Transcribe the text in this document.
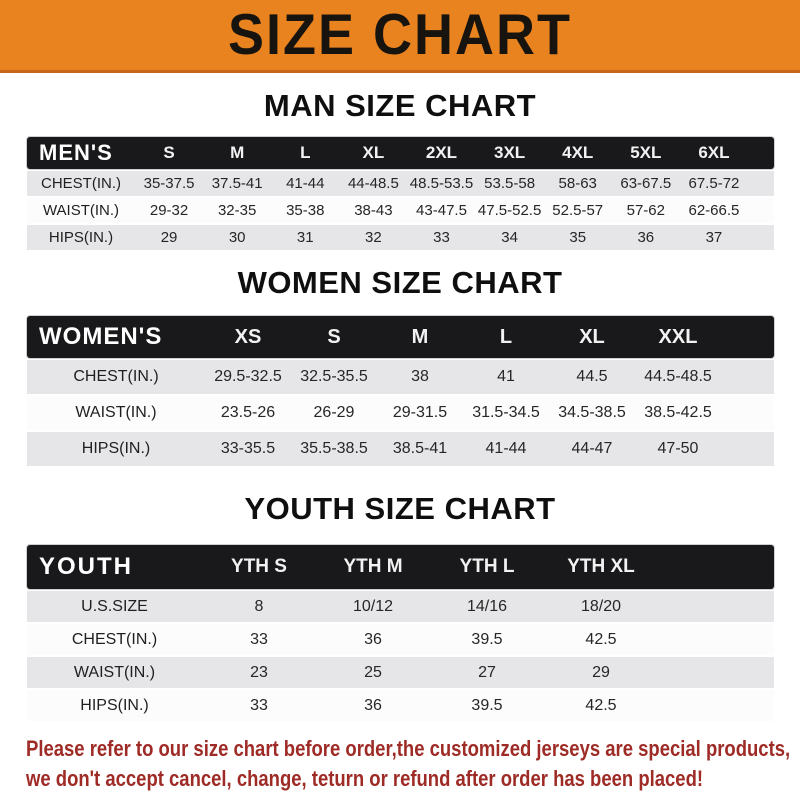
SIZE CHART
MAN SIZE CHART
MEN'S	S	M	L	XL	2XL	3XL	4XL	5XL	6XL
CHEST(IN.)	35-37.5	37.5-41	41-44	44-48.5 48.5-53.5 53.5-58	58-63	63-67.5	67.5-72
WAIST(IN.)	29-32	32-35	35-38	38-43	43-47.5 47.5-52.5 52.5-57	57-62	62-66.5
HIPS(IN.)	29	30	31	32	33	34	35	36	37
WOMEN SIZE CHART
WOMEN'S	XS	S	M	L	XL	XXL
CHEST(IN.)	29.5-32.5	32.5-35.5	38	41	44.5	44.5-48.5
WAIST(IN.)	23.5-26	26-29	29-31.5	31.5-34.5	34.5-38.5	38.5-42.5
HIPS(IN.)	33-35.5	35.5-38.5	38.5-41	41-44	44-47	47-50
YOUTH SIZE CHART
YOUTH	YTH S	YTH M	YTH L	YTH XL
U.S.SIZE	8	10/12	14/16	18/20
CHEST(IN.)	33	36	39.5	42.5
WAIST(IN.)	23	25	27	29
HIPS(IN.)	33	36	39.5	42.5
Please refer to our size chart before order,the customized jerseys are special products,
we don't accept cancel, change, teturn or refund after order has been placed!
